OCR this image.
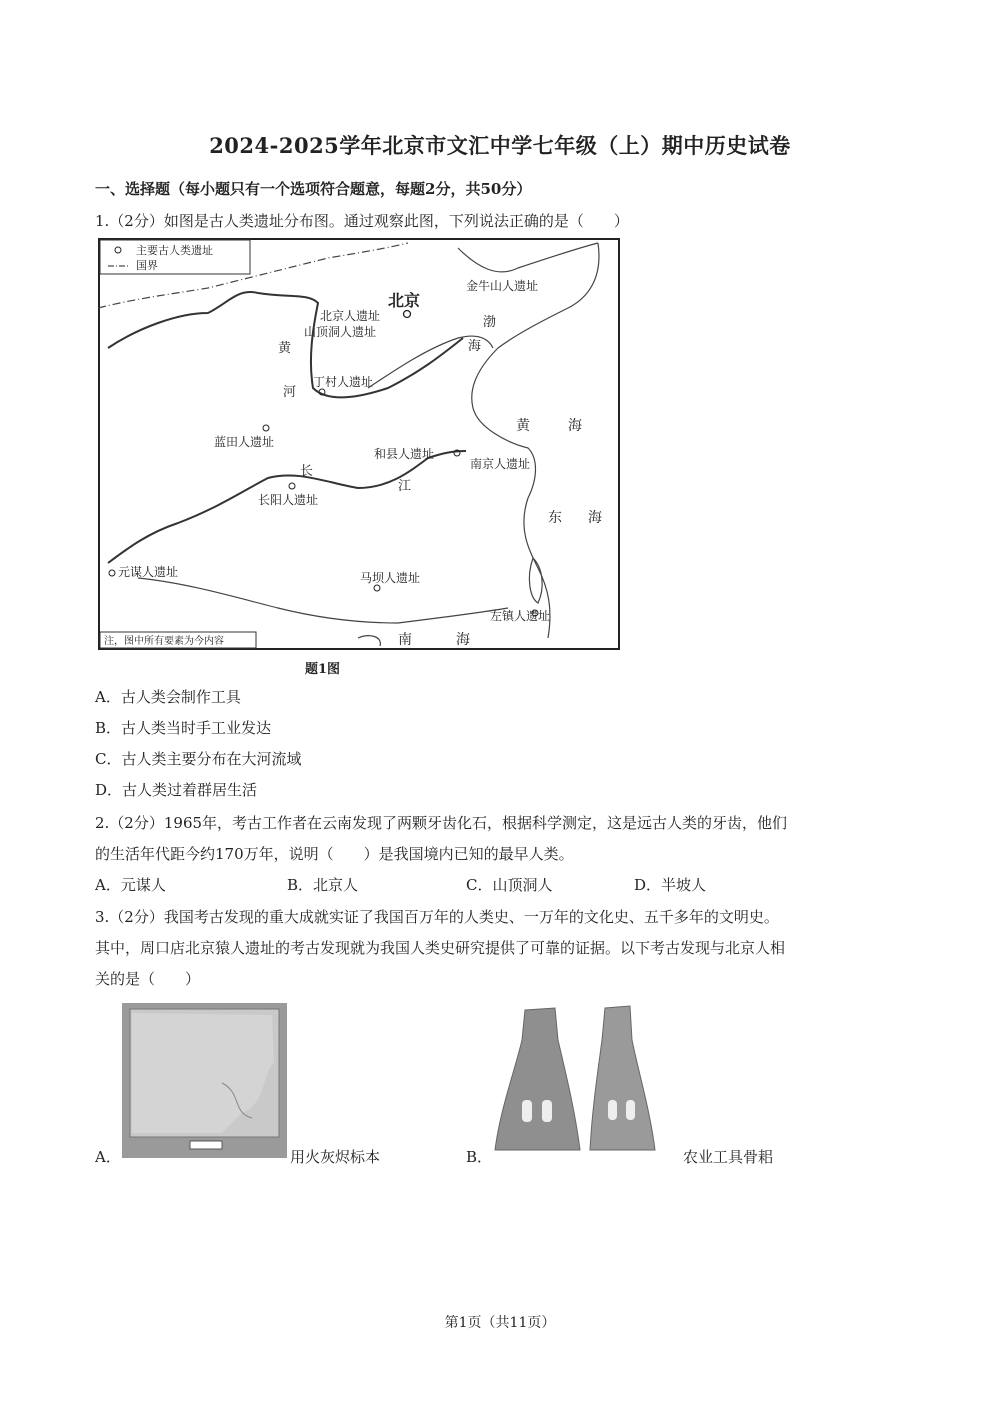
2024-2025学年北京市文汇中学七年级（上）期中历史试卷
一、选择题（每小题只有一个选项符合题意，每题2分，共50分）
1.（2分）如图是古人类遗址分布图。通过观察此图，下列说法正确的是（　　）
主要古人类遗址
国界
北京
金牛山人遗址
北京人遗址
山顶洞人遗址
渤
海
丁村人遗址
黄
河
黄	海
蓝田人遗址
和县人遗址
南京人遗址
长
江
长阳人遗址
东 海
元谋人遗址	马坝人遗址
左镇人遗址
南	海
注，图中所有要素为今内容
题1图
A．古人类会制作工具
B．古人类当时手工业发达
C．古人类主要分布在大河流域
D．古人类过着群居生活
2.（2分）1965年，考古工作者在云南发现了两颗牙齿化石，根据科学测定，这是远古人类的牙齿，他们
的生活年代距今约170万年，说明（　　）是我国境内已知的最早人类。
A．元谋人	B．北京人	C．山顶洞人	D．半坡人
3.（2分）我国考古发现的重大成就实证了我国百万年的人类史、一万年的文化史、五千多年的文明史。
其中，周口店北京猿人遗址的考古发现就为我国人类史研究提供了可靠的证据。以下考古发现与北京人相
关的是（　　）
A．	用火灰烬标本	B．	农业工具骨耜
第1页（共11页）
